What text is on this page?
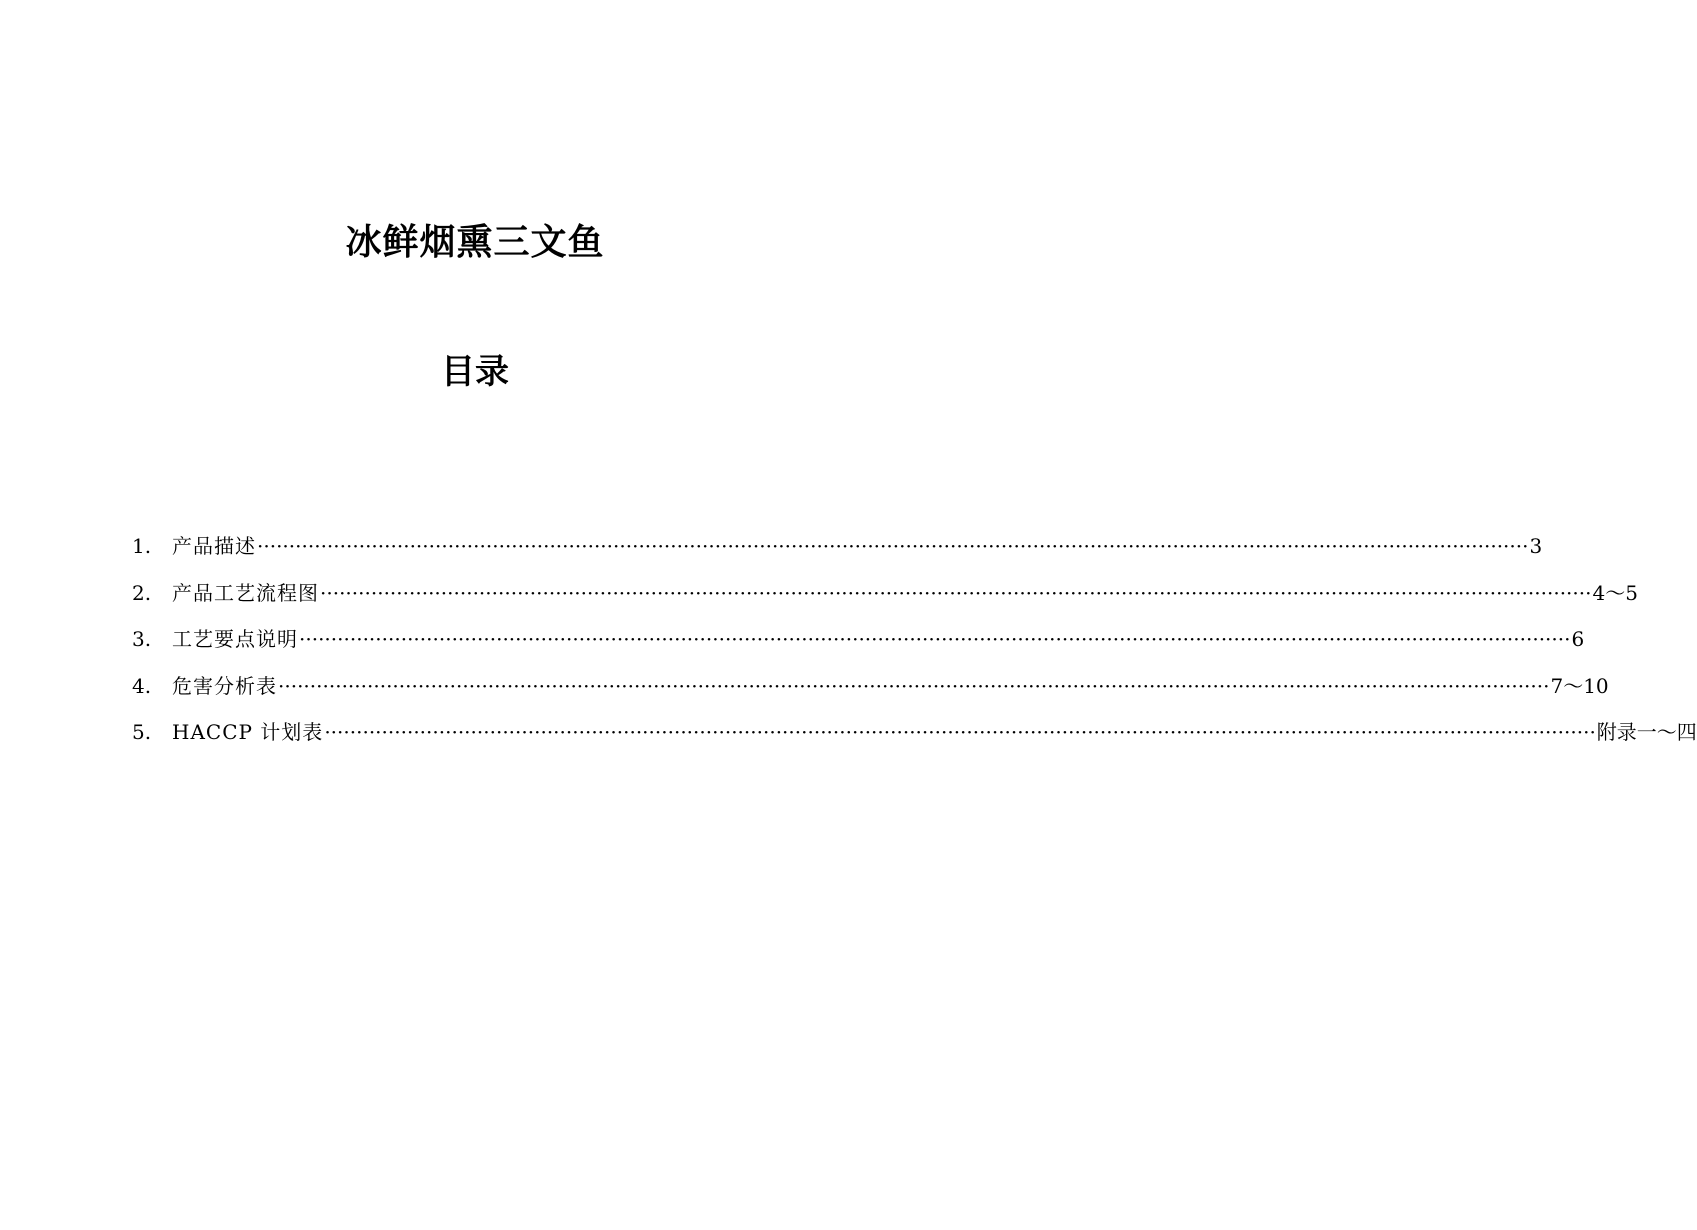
冰鲜烟熏三文鱼
目录
1.	产品描述 ········································································································································································································ 3
2.	产品工艺流程图 ········································································································································································································ 4～5
3.	工艺要点说明 ········································································································································································································ 6
4.	危害分析表 ········································································································································································································ 7～10
5.	HACCP 计划表 ········································································································································································································ 附录一～四
